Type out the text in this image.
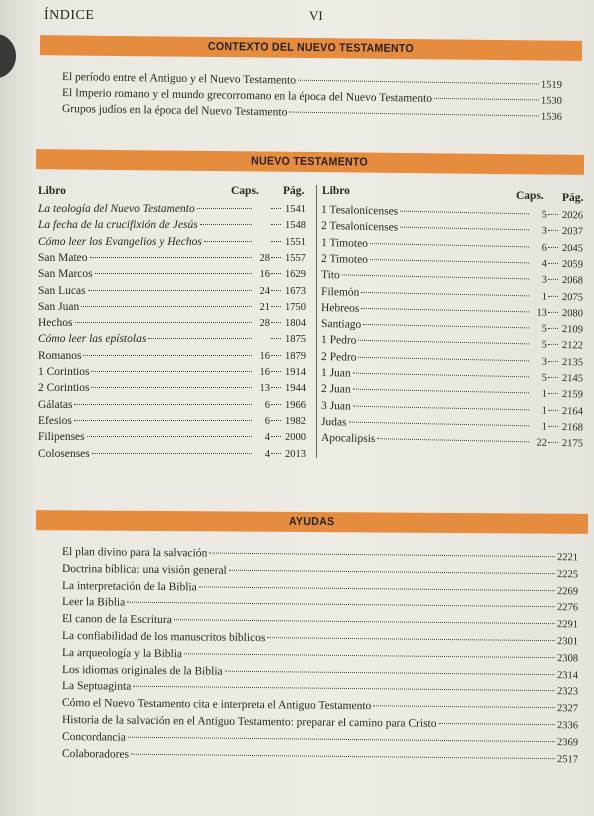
ÍNDICE	VI
CONTEXTO DEL NUEVO TESTAMENTO
El período entre el Antiguo y el Nuevo Testamento	1519
El Imperio romano y el mundo grecorromano en la época del Nuevo Testamento	1530
Grupos judíos en la época del Nuevo Testamento	1536
NUEVO TESTAMENTO
Libro	Caps. Pág. Libro	Caps. Pág.
La teología del Nuevo Testamento	1541
La fecha de la crucifixión de Jesús	1548
Cómo leer los Evangelios y Hechos	1551
San Mateo	28 1557
San Marcos	16 1629
San Lucas	24 1673
San Juan	21 1750
Hechos	28 1804
Cómo leer las epístolas	1875
Romanos	16 1879
1 Corintios	16 1914
2 Corintios	13 1944
Gálatas	6 1966
Efesios	6 1982
Filipenses	4 2000
Colosenses	4 2013
1 Tesalonicenses	5 2026
2 Tesalonicenses	3 2037
1 Timoteo	6 2045
2 Timoteo	4 2059
Tito	3 2068
Filemón	1 2075
Hebreos	13 2080
Santiago	5 2109
1 Pedro	5 2122
2 Pedro	3 2135
1 Juan	5 2145
2 Juan	1 2159
3 Juan	1 2164
Judas	1 2168
Apocalipsis	22 2175
AYUDAS
El plan divino para la salvación	2221
Doctrina bíblica: una visión general	2225
La interpretación de la Biblia	2269
Leer la Biblia	2276
El canon de la Escritura	2291
La confiabilidad de los manuscritos bíblicos	2301
La arqueología y la Biblia	2308
Los idiomas originales de la Biblia	2314
La Septuaginta	2323
Cómo el Nuevo Testamento cita e interpreta el Antiguo Testamento	2327
Historia de la salvación en el Antiguo Testamento: preparar el camino para Cristo	2336
Concordancia	2369
Colaboradores	2517
